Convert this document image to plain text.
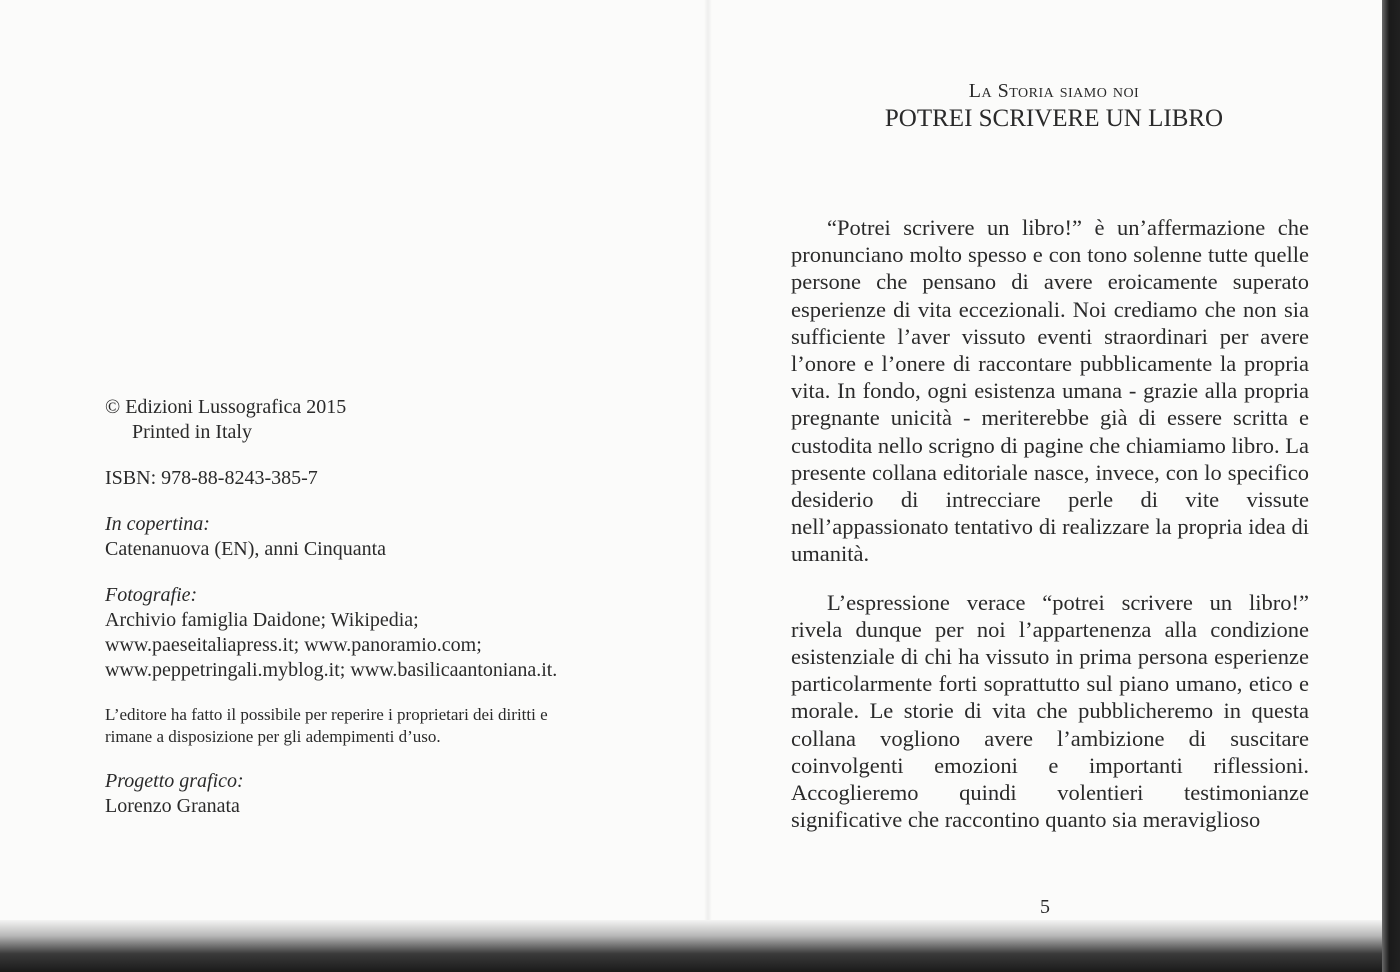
© Edizioni Lussografica 2015

Printed in Italy

ISBN: 978-88-8243-385-7

In copertina:

Catenanuova (EN), anni Cinquanta

Fotografie:

Archivio famiglia Daidone; Wikipedia;

www.paeseitaliapress.it; www.panoramio.com;

www.peppetringali.myblog.it; www.basilicaantoniana.it.

L’editore ha fatto il possibile per reperire i proprietari dei diritti e

rimane a disposizione per gli adempimenti d’uso.

Progetto grafico:

Lorenzo Granata

La Storia siamo noi
POTREI SCRIVERE UN LIBRO

“Potrei scrivere un libro!” è un’affermazione che pronunciano molto spesso e con tono solenne tutte quelle persone che pensano di avere eroicamente superato esperienze di vita eccezionali. Noi crediamo che non sia sufficiente l’aver vissuto eventi straordinari per avere l’onore e l’onere di raccontare pubblicamente la propria vita. In fondo, ogni esistenza umana - grazie alla propria pregnante unicità - meriterebbe già di essere scritta e custodita nello scrigno di pagine che chiamiamo libro. La presente collana editoriale nasce, invece, con lo specifico desiderio di intrecciare perle di vite vissute nell’appassionato tentativo di realizzare la propria idea di umanità.

L’espressione verace “potrei scrivere un libro!” rivela dunque per noi l’appartenenza alla condizione esistenziale di chi ha vissuto in prima persona esperienze particolarmente forti soprattutto sul piano umano, etico e morale. Le storie di vita che pubblicheremo in questa collana vogliono avere l’ambizione di suscitare coinvolgenti emozioni e importanti riflessioni. Accoglieremo quindi volentieri testimonianze significative che raccontino quanto sia meraviglioso

5
